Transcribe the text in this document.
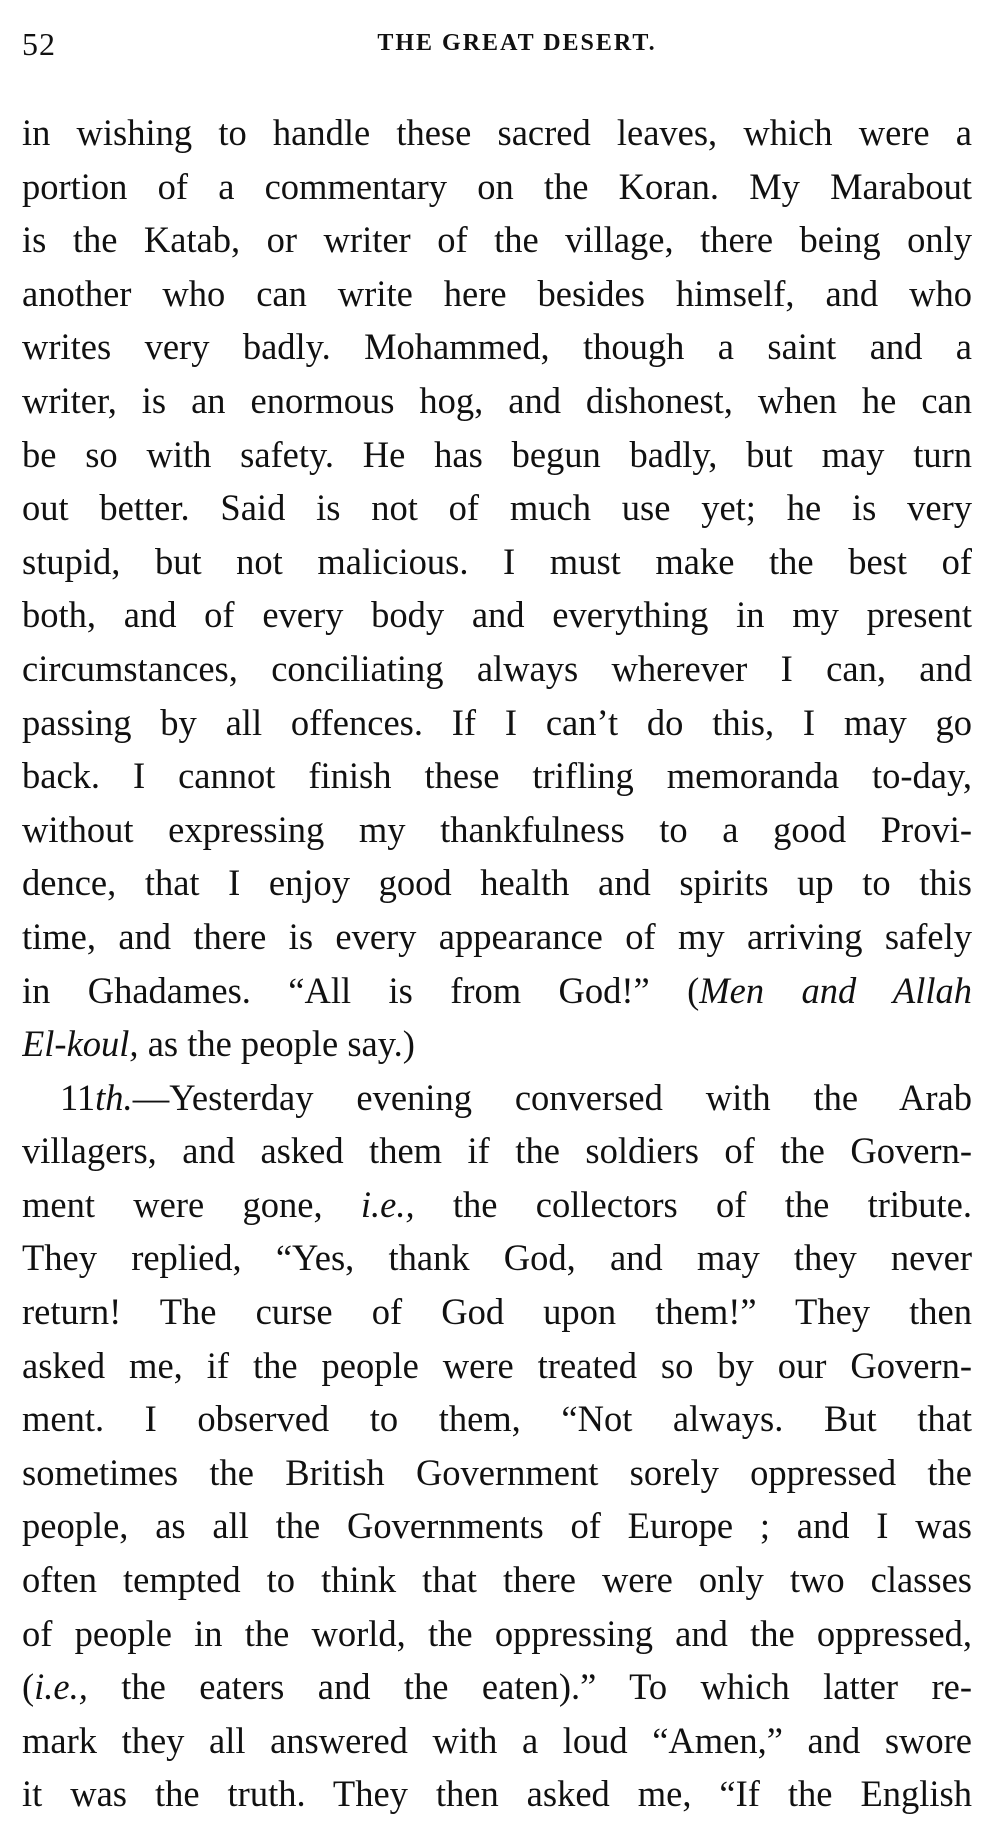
52	THE GREAT DESERT.
in wishing to handle these sacred leaves, which were a
portion of a commentary on the Koran. My Marabout
is the Katab, or writer of the village, there being only
another who can write here besides himself, and who
writes very badly. Mohammed, though a saint and a
writer, is an enormous hog, and dishonest, when he can
be so with safety. He has begun badly, but may turn
out better. Said is not of much use yet; he is very
stupid, but not malicious. I must make the best of
both, and of every body and everything in my present
circumstances, conciliating always wherever I can, and
passing by all offences. If I can’t do this, I may go
back. I cannot finish these trifling memoranda to-day,
without expressing my thankfulness to a good Provi-
dence, that I enjoy good health and spirits up to this
time, and there is every appearance of my arriving safely
in Ghadames. “All is from God!” (Men and Allah
El-koul, as the people say.)
11th.—Yesterday evening conversed with the Arab
villagers, and asked them if the soldiers of the Govern-
ment were gone, i.e., the collectors of the tribute.
They replied, “Yes, thank God, and may they never
return! The curse of God upon them!” They then
asked me, if the people were treated so by our Govern-
ment. I observed to them, “Not always. But that
sometimes the British Government sorely oppressed the
people, as all the Governments of Europe ; and I was
often tempted to think that there were only two classes
of people in the world, the oppressing and the oppressed,
(i.e., the eaters and the eaten).” To which latter re-
mark they all answered with a loud “Amen,” and swore
it was the truth. They then asked me, “If the English
